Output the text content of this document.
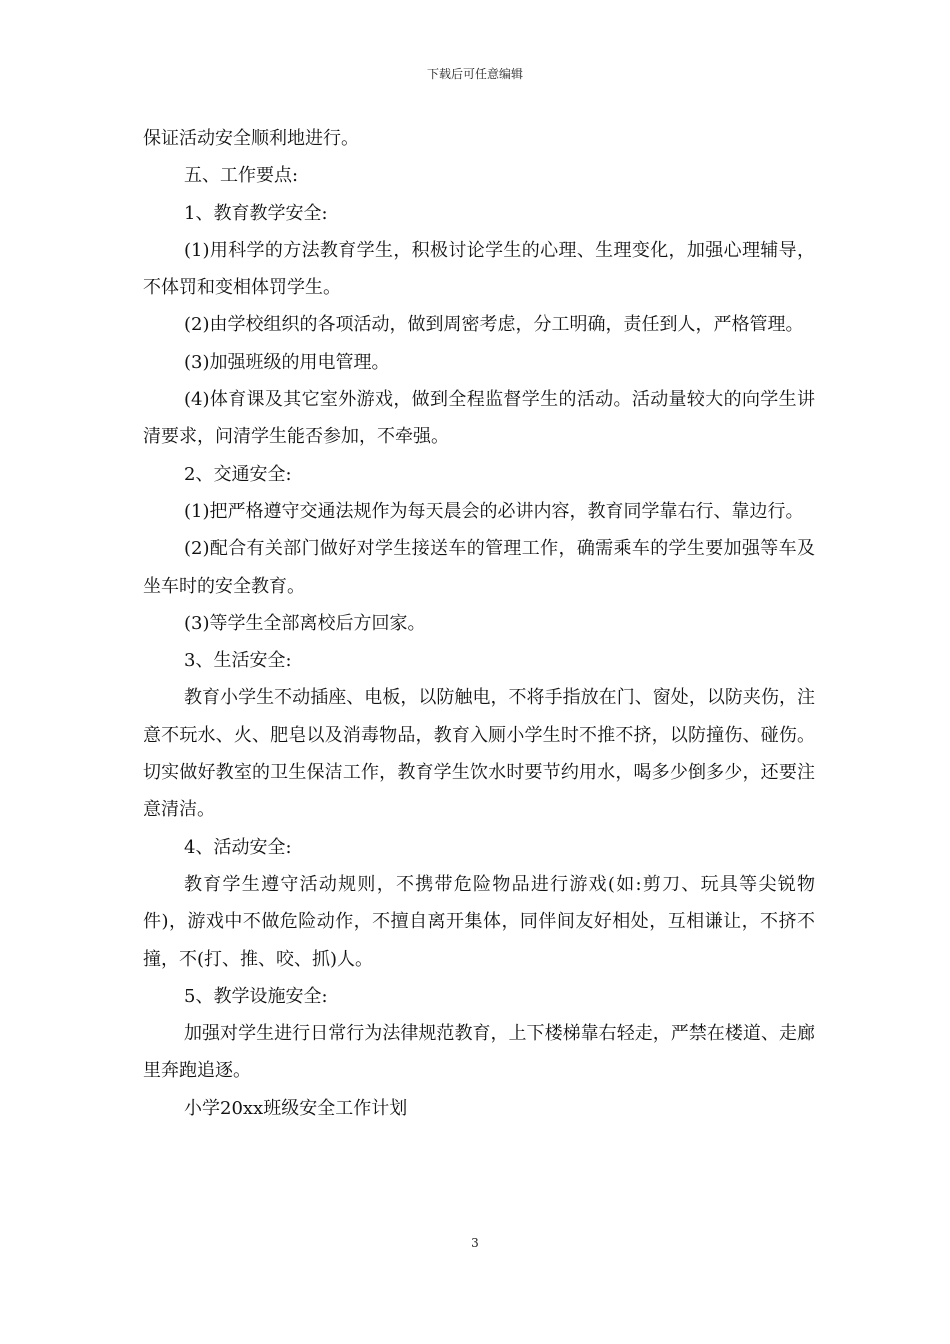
下载后可任意编辑

保证活动安全顺利地进行。

五、工作要点:

1、教育教学安全:

(1)用科学的方法教育学生，积极讨论学生的心理、生理变化，加强心理辅导，不体罚和变相体罚学生。

(2)由学校组织的各项活动，做到周密考虑，分工明确，责任到人，严格管理。

(3)加强班级的用电管理。

(4)体育课及其它室外游戏，做到全程监督学生的活动。活动量较大的向学生讲清要求，问清学生能否参加，不牵强。

2、交通安全:

(1)把严格遵守交通法规作为每天晨会的必讲内容，教育同学靠右行、靠边行。

(2)配合有关部门做好对学生接送车的管理工作，确需乘车的学生要加强等车及坐车时的安全教育。

(3)等学生全部离校后方回家。

3、生活安全:

教育小学生不动插座、电板，以防触电，不将手指放在门、窗处，以防夹伤，注意不玩水、火、肥皂以及消毒物品，教育入厕小学生时不推不挤，以防撞伤、碰伤。切实做好教室的卫生保洁工作，教育学生饮水时要节约用水，喝多少倒多少，还要注意清洁。

4、活动安全:

教育学生遵守活动规则，不携带危险物品进行游戏(如:剪刀、玩具等尖锐物件)，游戏中不做危险动作，不擅自离开集体，同伴间友好相处，互相谦让，不挤不撞，不(打、推、咬、抓)人。

5、教学设施安全:

加强对学生进行日常行为法律规范教育，上下楼梯靠右轻走，严禁在楼道、走廊里奔跑追逐。

小学20xx班级安全工作计划

3
